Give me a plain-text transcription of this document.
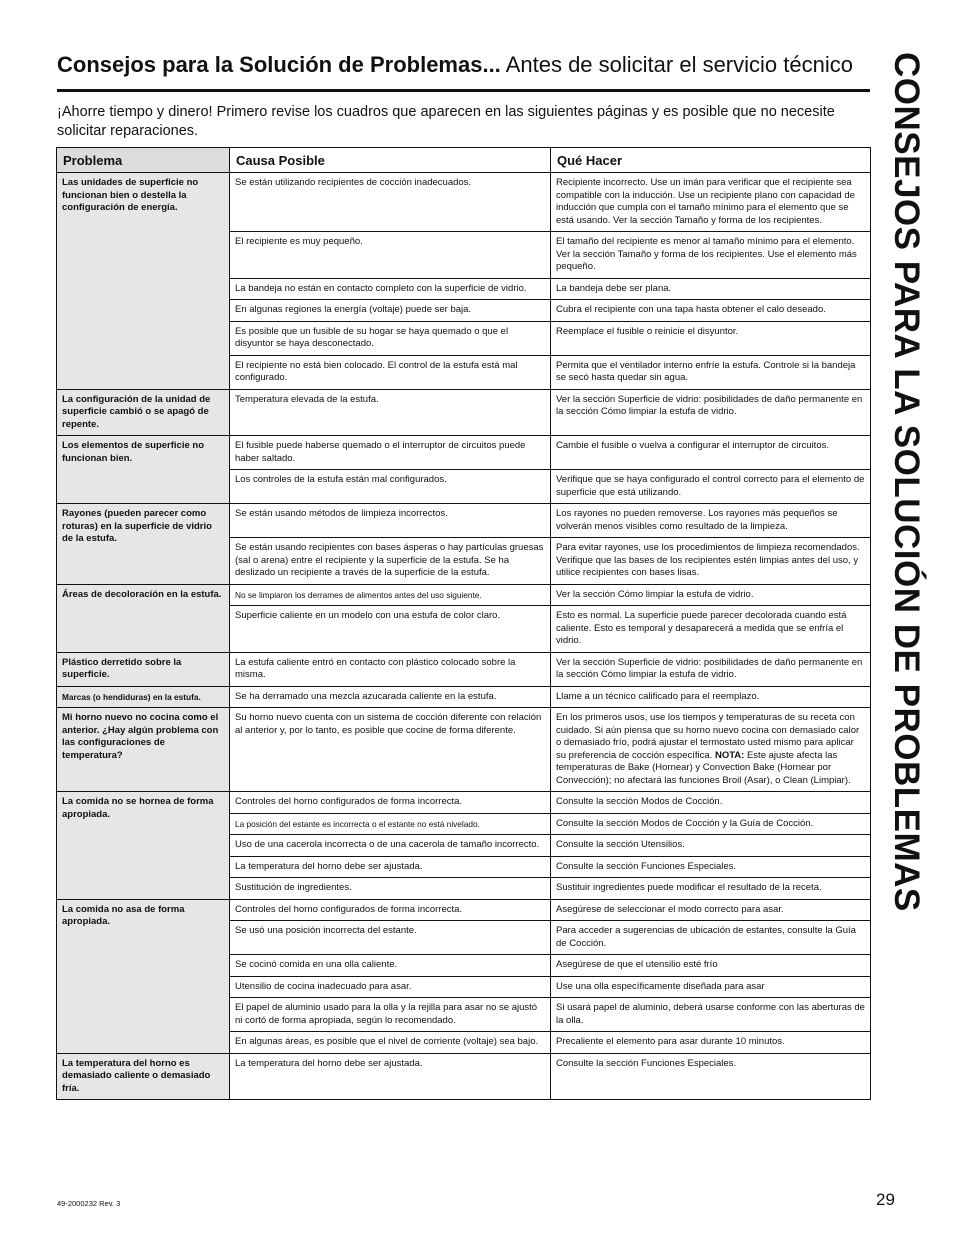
Consejos para la Solución de Problemas... Antes de solicitar el servicio técnico
¡Ahorre tiempo y dinero! Primero revise los cuadros que aparecen en las siguientes páginas y es posible que no necesite solicitar reparaciones.	CONSEJOS PARA LA SOLUCIÓN DE PROBLEMAS
Problema	Causa Posible	Qué Hacer
Las unidades de superficie no funcionan bien o destella la configuración de energía.	Se están utilizando recipientes de cocción inadecuados.	Recipiente incorrecto. Use un imán para verificar que el recipiente sea compatible con la inducción. Use un recipiente plano con capacidad de inducción que cumpla con el tamaño mínimo para el elemento que se está usando. Ver la sección Tamaño y forma de los recipientes.
	El recipiente es muy pequeño.	El tamaño del recipiente es menor al tamaño mínimo para el elemento. Ver la sección Tamaño y forma de los recipientes. Use el elemento más pequeño.
	La bandeja no están en contacto completo con la superficie de vidrio.	La bandeja debe ser plana.
	En algunas regiones la energía (voltaje) puede ser baja.	Cubra el recipiente con una tapa hasta obtener el calo deseado.
	Es posible que un fusible de su hogar se haya quemado o que el disyuntor se haya desconectado.	Reemplace el fusible o reinicie el disyuntor.
	El recipiente no está bien colocado. El control de la estufa está mal configurado.	Permita que el ventilador interno enfríe la estufa. Controle si la bandeja se secó hasta quedar sin agua.
La configuración de la unidad de superficie cambió o se apagó de repente.	Temperatura elevada de la estufa.	Ver la sección Superficie de vidrio: posibilidades de daño permanente en la sección Cómo limpiar la estufa de vidrio.
Los elementos de superficie no funcionan bien.	El fusible puede haberse quemado o el interruptor de circuitos puede haber saltado.	Cambie el fusible o vuelva a configurar el interruptor de circuitos.
	Los controles de la estufa están mal configurados.	Verifique que se haya configurado el control correcto para el elemento de superficie que está utilizando.
Rayones (pueden parecer como roturas) en la superficie de vidrio de la estufa.	Se están usando métodos de limpieza incorrectos.	Los rayones no pueden removerse. Los rayones más pequeños se volverán menos visibles como resultado de la limpieza.
	Se están usando recipientes con bases ásperas o hay partículas gruesas (sal o arena) entre el recipiente y la superficie de la estufa. Se ha deslizado un recipiente a través de la superficie de la estufa.	Para evitar rayones, use los procedimientos de limpieza recomendados. Verifique que las bases de los recipientes estén limpias antes del uso, y utilice recipientes con bases lisas.
Áreas de decoloración en la estufa.	No se limpiaron los derrames de alimentos antes del uso siguiente.	Ver la sección Cómo limpiar la estufa de vidrio.
	Superficie caliente en un modelo con una estufa de color claro.	Esto es normal. La superficie puede parecer decolorada cuando está caliente. Esto es temporal y desaparecerá a medida que se enfría el vidrio.
Plástico derretido sobre la superficie.	La estufa caliente entró en contacto con plástico colocado sobre la misma.	Ver la sección Superficie de vidrio: posibilidades de daño permanente en la sección Cómo limpiar la estufa de vidrio.
Marcas (o hendiduras) en la estufa.	Se ha derramado una mezcla azucarada caliente en la estufa.	Llame a un técnico calificado para el reemplazo.
Mi horno nuevo no cocina como el anterior. ¿Hay algún problema con las configuraciones de temperatura?	Su horno nuevo cuenta con un sistema de cocción diferente con relación al anterior y, por lo tanto, es posible que cocine de forma diferente.	En los primeros usos, use los tiempos y temperaturas de su receta con cuidado. Si aún piensa que su horno nuevo cocina con demasiado calor o demasiado frío, podrá ajustar el termostato usted mismo para aplicar su preferencia de cocción específica. NOTA: Este ajuste afecta las temperaturas de Bake (Hornear) y Convection Bake (Hornear por Convección); no afectará las funciones Broil (Asar), o Clean (Limpiar).
La comida no se hornea de forma apropiada.	Controles del horno configurados de forma incorrecta.	Consulte la sección Modos de Cocción.
	La posición del estante es incorrecta o el estante no está nivelado.	Consulte la sección Modos de Cocción y la Guía de Cocción.
	Uso de una cacerola incorrecta o de una cacerola de tamaño incorrecto.	Consulte la sección Utensilios.
	La temperatura del horno debe ser ajustada.	Consulte la sección Funciones Especiales.
	Sustitución de ingredientes.	Sustituir ingredientes puede modificar el resultado de la receta.
La comida no asa de forma apropiada.	Controles del horno configurados de forma incorrecta.	Asegúrese de seleccionar el modo correcto para asar.
	Se usó una posición incorrecta del estante.	Para acceder a sugerencias de ubicación de estantes, consulte la Guía de Cocción.
	Se cocinó comida en una olla caliente.	Asegúrese de que el utensilio esté frío
	Utensilio de cocina inadecuado para asar.	Use una olla específicamente diseñada para asar
	El papel de aluminio usado para la olla y la rejilla para asar no se ajustó ni cortó de forma apropiada, según lo recomendado.	Si usará papel de aluminio, deberá usarse conforme con las aberturas de la olla.
	En algunas áreas, es posible que el nivel de corriente (voltaje) sea bajo.	Precaliente el elemento para asar durante 10 minutos.
La temperatura del horno es demasiado caliente o demasiado fría.	La temperatura del horno debe ser ajustada.	Consulte la sección Funciones Especiales.
49-2000232 Rev. 3	29
